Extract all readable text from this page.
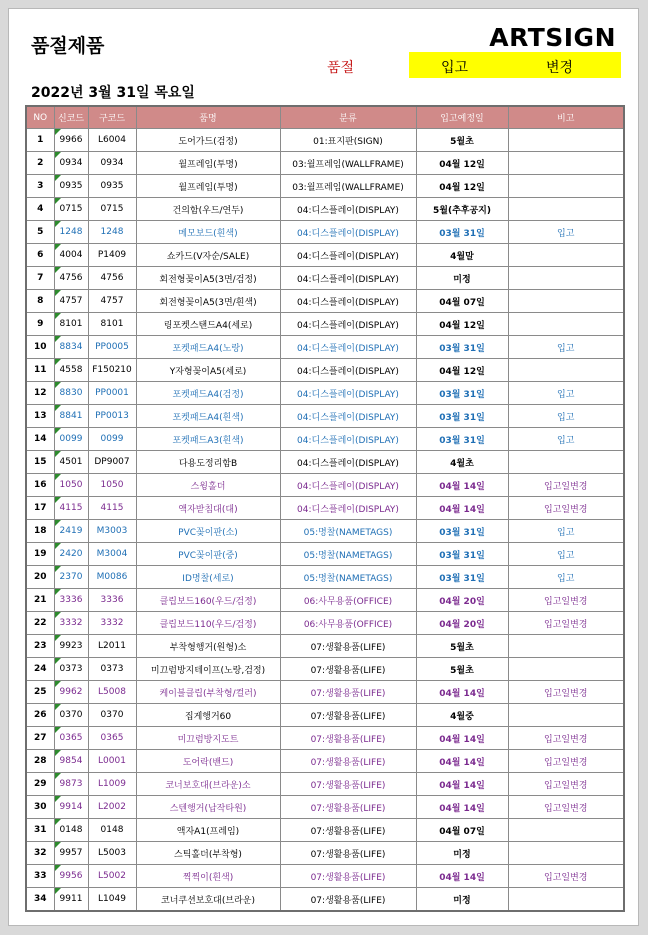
품절제품	ARTSIGN
품절	입고	변경
2022년 3월 31일 목요일
NO	신코드	구코드	품명	분류	입고예정일	비고
1	9966	L6004	도어가드(검정)	01:표지판(SIGN)	5월초	
2	0934	0934	월프레임(투명)	03:월프레임(WALLFRAME)	04월 12일	
3	0935	0935	월프레임(투명)	03:월프레임(WALLFRAME)	04월 12일	
4	0715	0715	건의함(우드/연두)	04:디스플레이(DISPLAY)	5월(추후공지)	
5	1248	1248	메모보드(흰색)	04:디스플레이(DISPLAY)	03월 31일	입고
6	4004	P1409	쇼카드(V자순/SALE)	04:디스플레이(DISPLAY)	4월말	
7	4756	4756	회전형꽂이A5(3면/검정)	04:디스플레이(DISPLAY)	미정	
8	4757	4757	회전형꽂이A5(3면/흰색)	04:디스플레이(DISPLAY)	04월 07일	
9	8101	8101	링포켓스탠드A4(세로)	04:디스플레이(DISPLAY)	04월 12일	
10	8834	PP0005	포켓패드A4(노랑)	04:디스플레이(DISPLAY)	03월 31일	입고
11	4558	F150210	Y자형꽂이A5(세로)	04:디스플레이(DISPLAY)	04월 12일	
12	8830	PP0001	포켓패드A4(검정)	04:디스플레이(DISPLAY)	03월 31일	입고
13	8841	PP0013	포켓패드A4(흰색)	04:디스플레이(DISPLAY)	03월 31일	입고
14	0099	0099	포켓패드A3(흰색)	04:디스플레이(DISPLAY)	03월 31일	입고
15	4501	DP9007	다용도정리함B	04:디스플레이(DISPLAY)	4월초	
16	1050	1050	스윙홀더	04:디스플레이(DISPLAY)	04월 14일	입고일변경
17	4115	4115	액자받침대(대)	04:디스플레이(DISPLAY)	04월 14일	입고일변경
18	2419	M3003	PVC꽂이판(소)	05:명찰(NAMETAGS)	03월 31일	입고
19	2420	M3004	PVC꽂이판(중)	05:명찰(NAMETAGS)	03월 31일	입고
20	2370	M0086	ID명찰(세로)	05:명찰(NAMETAGS)	03월 31일	입고
21	3336	3336	클립보드160(우드/검정)	06:사무용품(OFFICE)	04월 20일	입고일변경
22	3332	3332	클립보드110(우드/검정)	06:사무용품(OFFICE)	04월 20일	입고일변경
23	9923	L2011	부착형행거(원형)소	07:생활용품(LIFE)	5월초	
24	0373	0373	미끄럼방지테이프(노랑,검정)	07:생활용품(LIFE)	5월초	
25	9962	L5008	케이블클립(부착형/컬러)	07:생활용품(LIFE)	04월 14일	입고일변경
26	0370	0370	집게행거60	07:생활용품(LIFE)	4월중	
27	0365	0365	미끄럼방지도트	07:생활용품(LIFE)	04월 14일	입고일변경
28	9854	L0001	도어락(밴드)	07:생활용품(LIFE)	04월 14일	입고일변경
29	9873	L1009	코너보호대(브라운)소	07:생활용품(LIFE)	04월 14일	입고일변경
30	9914	L2002	스텐행거(납작타원)	07:생활용품(LIFE)	04월 14일	입고일변경
31	0148	0148	액자A1(프레임)	07:생활용품(LIFE)	04월 07일	
32	9957	L5003	스틱홀더(부착형)	07:생활용품(LIFE)	미정	
33	9956	L5002	찍찍이(흰색)	07:생활용품(LIFE)	04월 14일	입고일변경
34	9911	L1049	코너쿠션보호대(브라운)	07:생활용품(LIFE)	미정	
